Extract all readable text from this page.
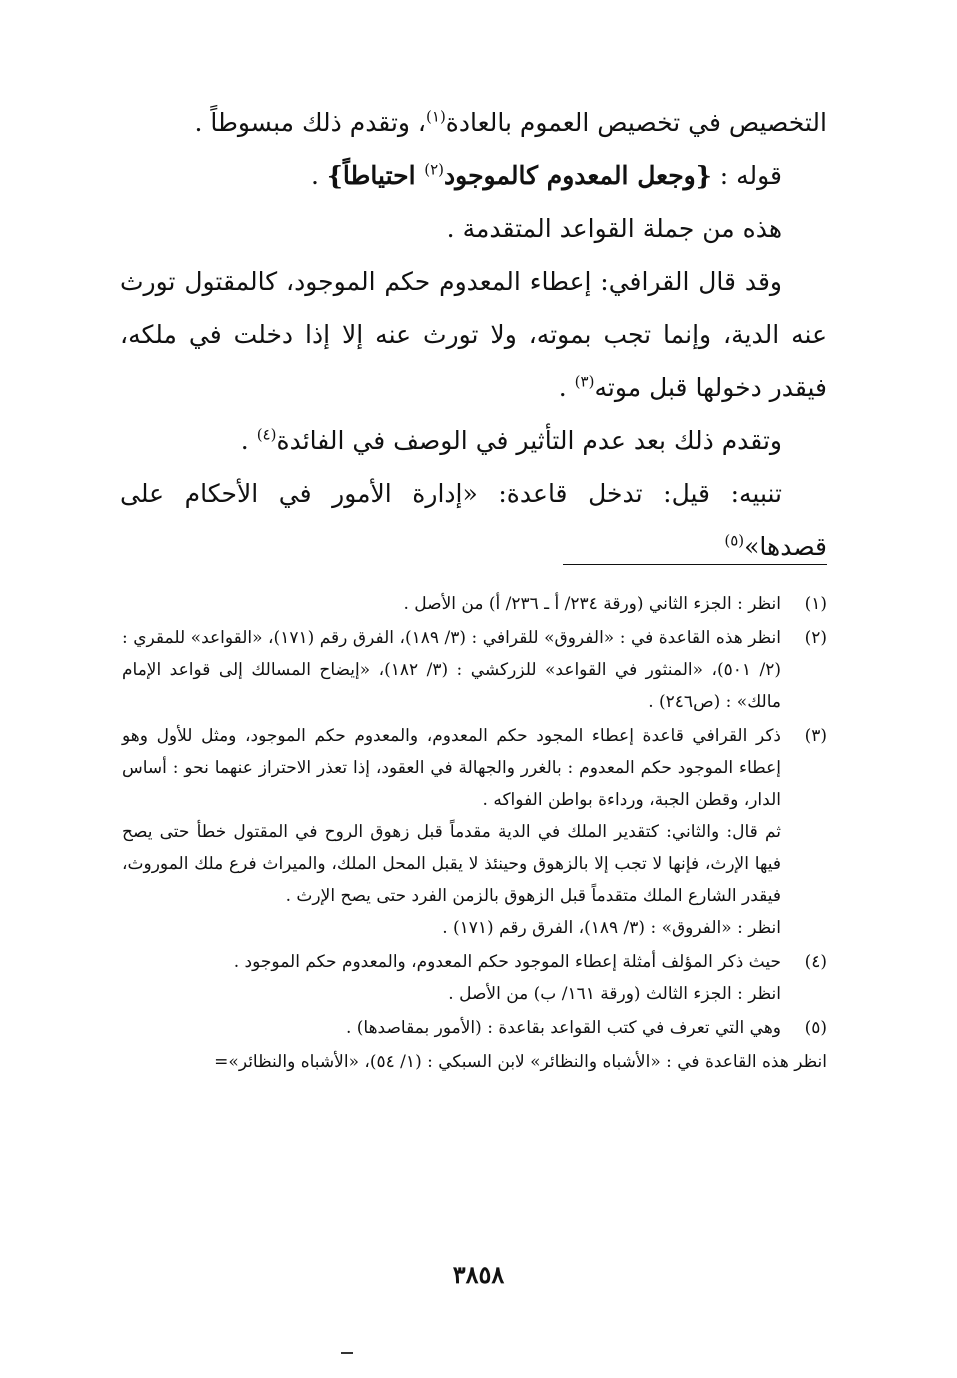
التخصيص في تخصيص العموم بالعادة$^{(١)}$، وتقدم ذلك مبسوطاً .

قوله : {وجعل المعدوم كالموجود$^{(٢)}$ احتياطاً} .

هذه من جملة القواعد المتقدمة .

وقد قال القرافي: إعطاء المعدوم حكم الموجود، كالمقتول تورث عنه الدية، وإنما تجب بموته، ولا تورث عنه إلا إذا دخلت في ملكه، فيقدر دخولها قبل موته$^{(٣)}$ .

وتقدم ذلك بعد عدم التأثير في الوصف في الفائدة$^{(٤)}$ .

تنبيه: قيل: تدخل قاعدة: «إدارة الأمور في الأحكام على قصدها»$^{(٥)}$

(١)

انظر : الجزء الثاني (ورقة ٢٣٤/ أ ـ ٢٣٦/ أ) من الأصل .

(٢)

انظر هذه القاعدة في : «الفروق» للقرافي : (٣/ ١٨٩)، الفرق رقم (١٧١)، «القواعد» للمقري : (٢/ ٥٠١)، «المنثور في القواعد» للزركشي : (٣/ ١٨٢)، «إيضاح المسالك إلى قواعد الإمام مالك» : (ص٢٤٦) .

(٣)

ذكر القرافي قاعدة إعطاء المجود حكم المعدوم، والمعدوم حكم الموجود، ومثل للأول وهو إعطاء الموجود حكم المعدوم : بالغرر والجهالة في العقود، إذا تعذر الاحتراز عنهما نحو : أساس الدار، وقطن الجبة، ورداءة بواطن الفواكه .

ثم قال: والثاني: كتقدير الملك في الدية مقدماً قبل زهوق الروح في المقتول خطأ حتى يصح فيها الإرث، فإنها لا تجب إلا بالزهوق وحينئذ لا يقبل المحل الملك، والميراث فرع ملك الموروث، فيقدر الشارع الملك متقدماً قبل الزهوق بالزمن الفرد حتى يصح الإرث .

انظر : «الفروق» : (٣/ ١٨٩)، الفرق رقم (١٧١) .

(٤)

حيث ذكر المؤلف أمثلة إعطاء الموجود حكم المعدوم، والمعدوم حكم الموجود .

انظر : الجزء الثالث (ورقة ١٦١/ ب) من الأصل .

(٥)

وهي التي تعرف في كتب القواعد بقاعدة : (الأمور بمقاصدها) .

انظر هذه القاعدة في : «الأشباه والنظائر» لابن السبكي : (١/ ٥٤)، «الأشباه والنظائر»=

٣٨٥٨
